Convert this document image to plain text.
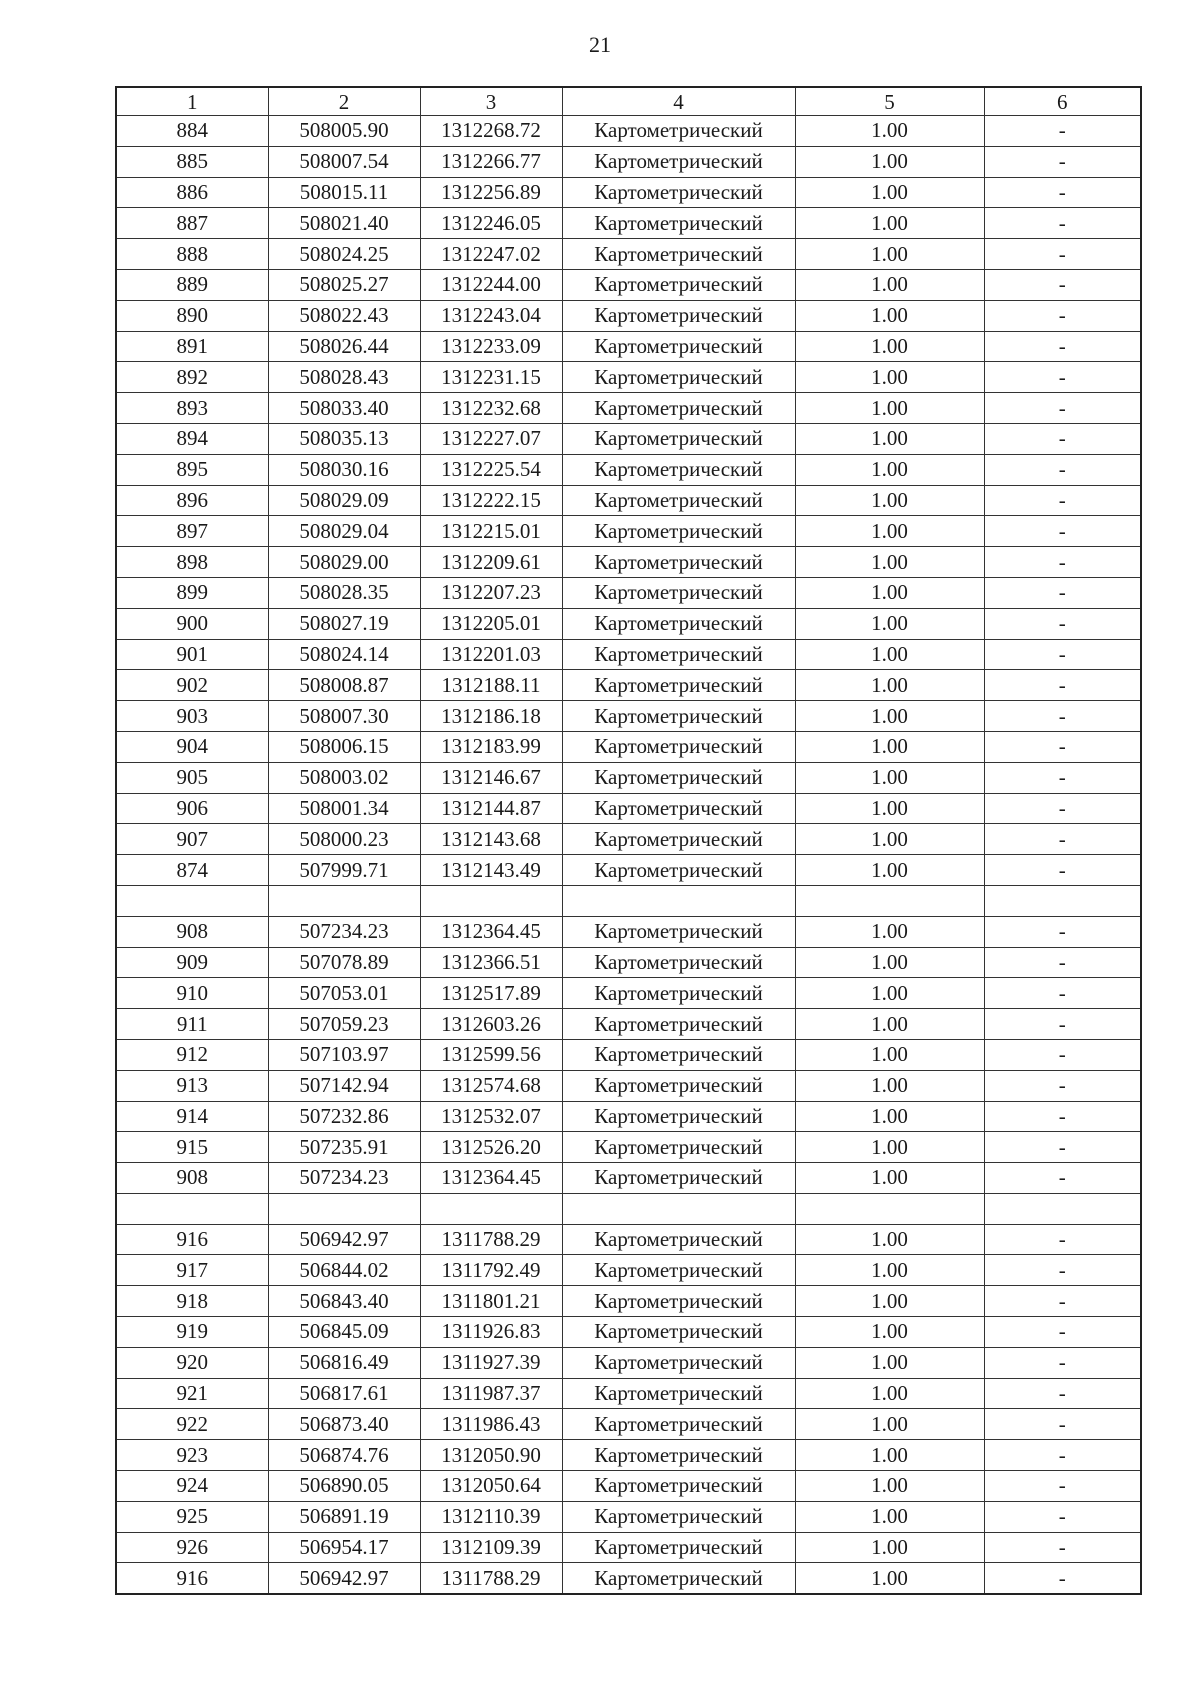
21
1	2	3	4	5	6
884	508005.90	1312268.72	Картометрический	1.00	-
885	508007.54	1312266.77	Картометрический	1.00	-
886	508015.11	1312256.89	Картометрический	1.00	-
887	508021.40	1312246.05	Картометрический	1.00	-
888	508024.25	1312247.02	Картометрический	1.00	-
889	508025.27	1312244.00	Картометрический	1.00	-
890	508022.43	1312243.04	Картометрический	1.00	-
891	508026.44	1312233.09	Картометрический	1.00	-
892	508028.43	1312231.15	Картометрический	1.00	-
893	508033.40	1312232.68	Картометрический	1.00	-
894	508035.13	1312227.07	Картометрический	1.00	-
895	508030.16	1312225.54	Картометрический	1.00	-
896	508029.09	1312222.15	Картометрический	1.00	-
897	508029.04	1312215.01	Картометрический	1.00	-
898	508029.00	1312209.61	Картометрический	1.00	-
899	508028.35	1312207.23	Картометрический	1.00	-
900	508027.19	1312205.01	Картометрический	1.00	-
901	508024.14	1312201.03	Картометрический	1.00	-
902	508008.87	1312188.11	Картометрический	1.00	-
903	508007.30	1312186.18	Картометрический	1.00	-
904	508006.15	1312183.99	Картометрический	1.00	-
905	508003.02	1312146.67	Картометрический	1.00	-
906	508001.34	1312144.87	Картометрический	1.00	-
907	508000.23	1312143.68	Картометрический	1.00	-
874	507999.71	1312143.49	Картометрический	1.00	-

908	507234.23	1312364.45	Картометрический	1.00	-
909	507078.89	1312366.51	Картометрический	1.00	-
910	507053.01	1312517.89	Картометрический	1.00	-
911	507059.23	1312603.26	Картометрический	1.00	-
912	507103.97	1312599.56	Картометрический	1.00	-
913	507142.94	1312574.68	Картометрический	1.00	-
914	507232.86	1312532.07	Картометрический	1.00	-
915	507235.91	1312526.20	Картометрический	1.00	-
908	507234.23	1312364.45	Картометрический	1.00	-

916	506942.97	1311788.29	Картометрический	1.00	-
917	506844.02	1311792.49	Картометрический	1.00	-
918	506843.40	1311801.21	Картометрический	1.00	-
919	506845.09	1311926.83	Картометрический	1.00	-
920	506816.49	1311927.39	Картометрический	1.00	-
921	506817.61	1311987.37	Картометрический	1.00	-
922	506873.40	1311986.43	Картометрический	1.00	-
923	506874.76	1312050.90	Картометрический	1.00	-
924	506890.05	1312050.64	Картометрический	1.00	-
925	506891.19	1312110.39	Картометрический	1.00	-
926	506954.17	1312109.39	Картометрический	1.00	-
916	506942.97	1311788.29	Картометрический	1.00	-
